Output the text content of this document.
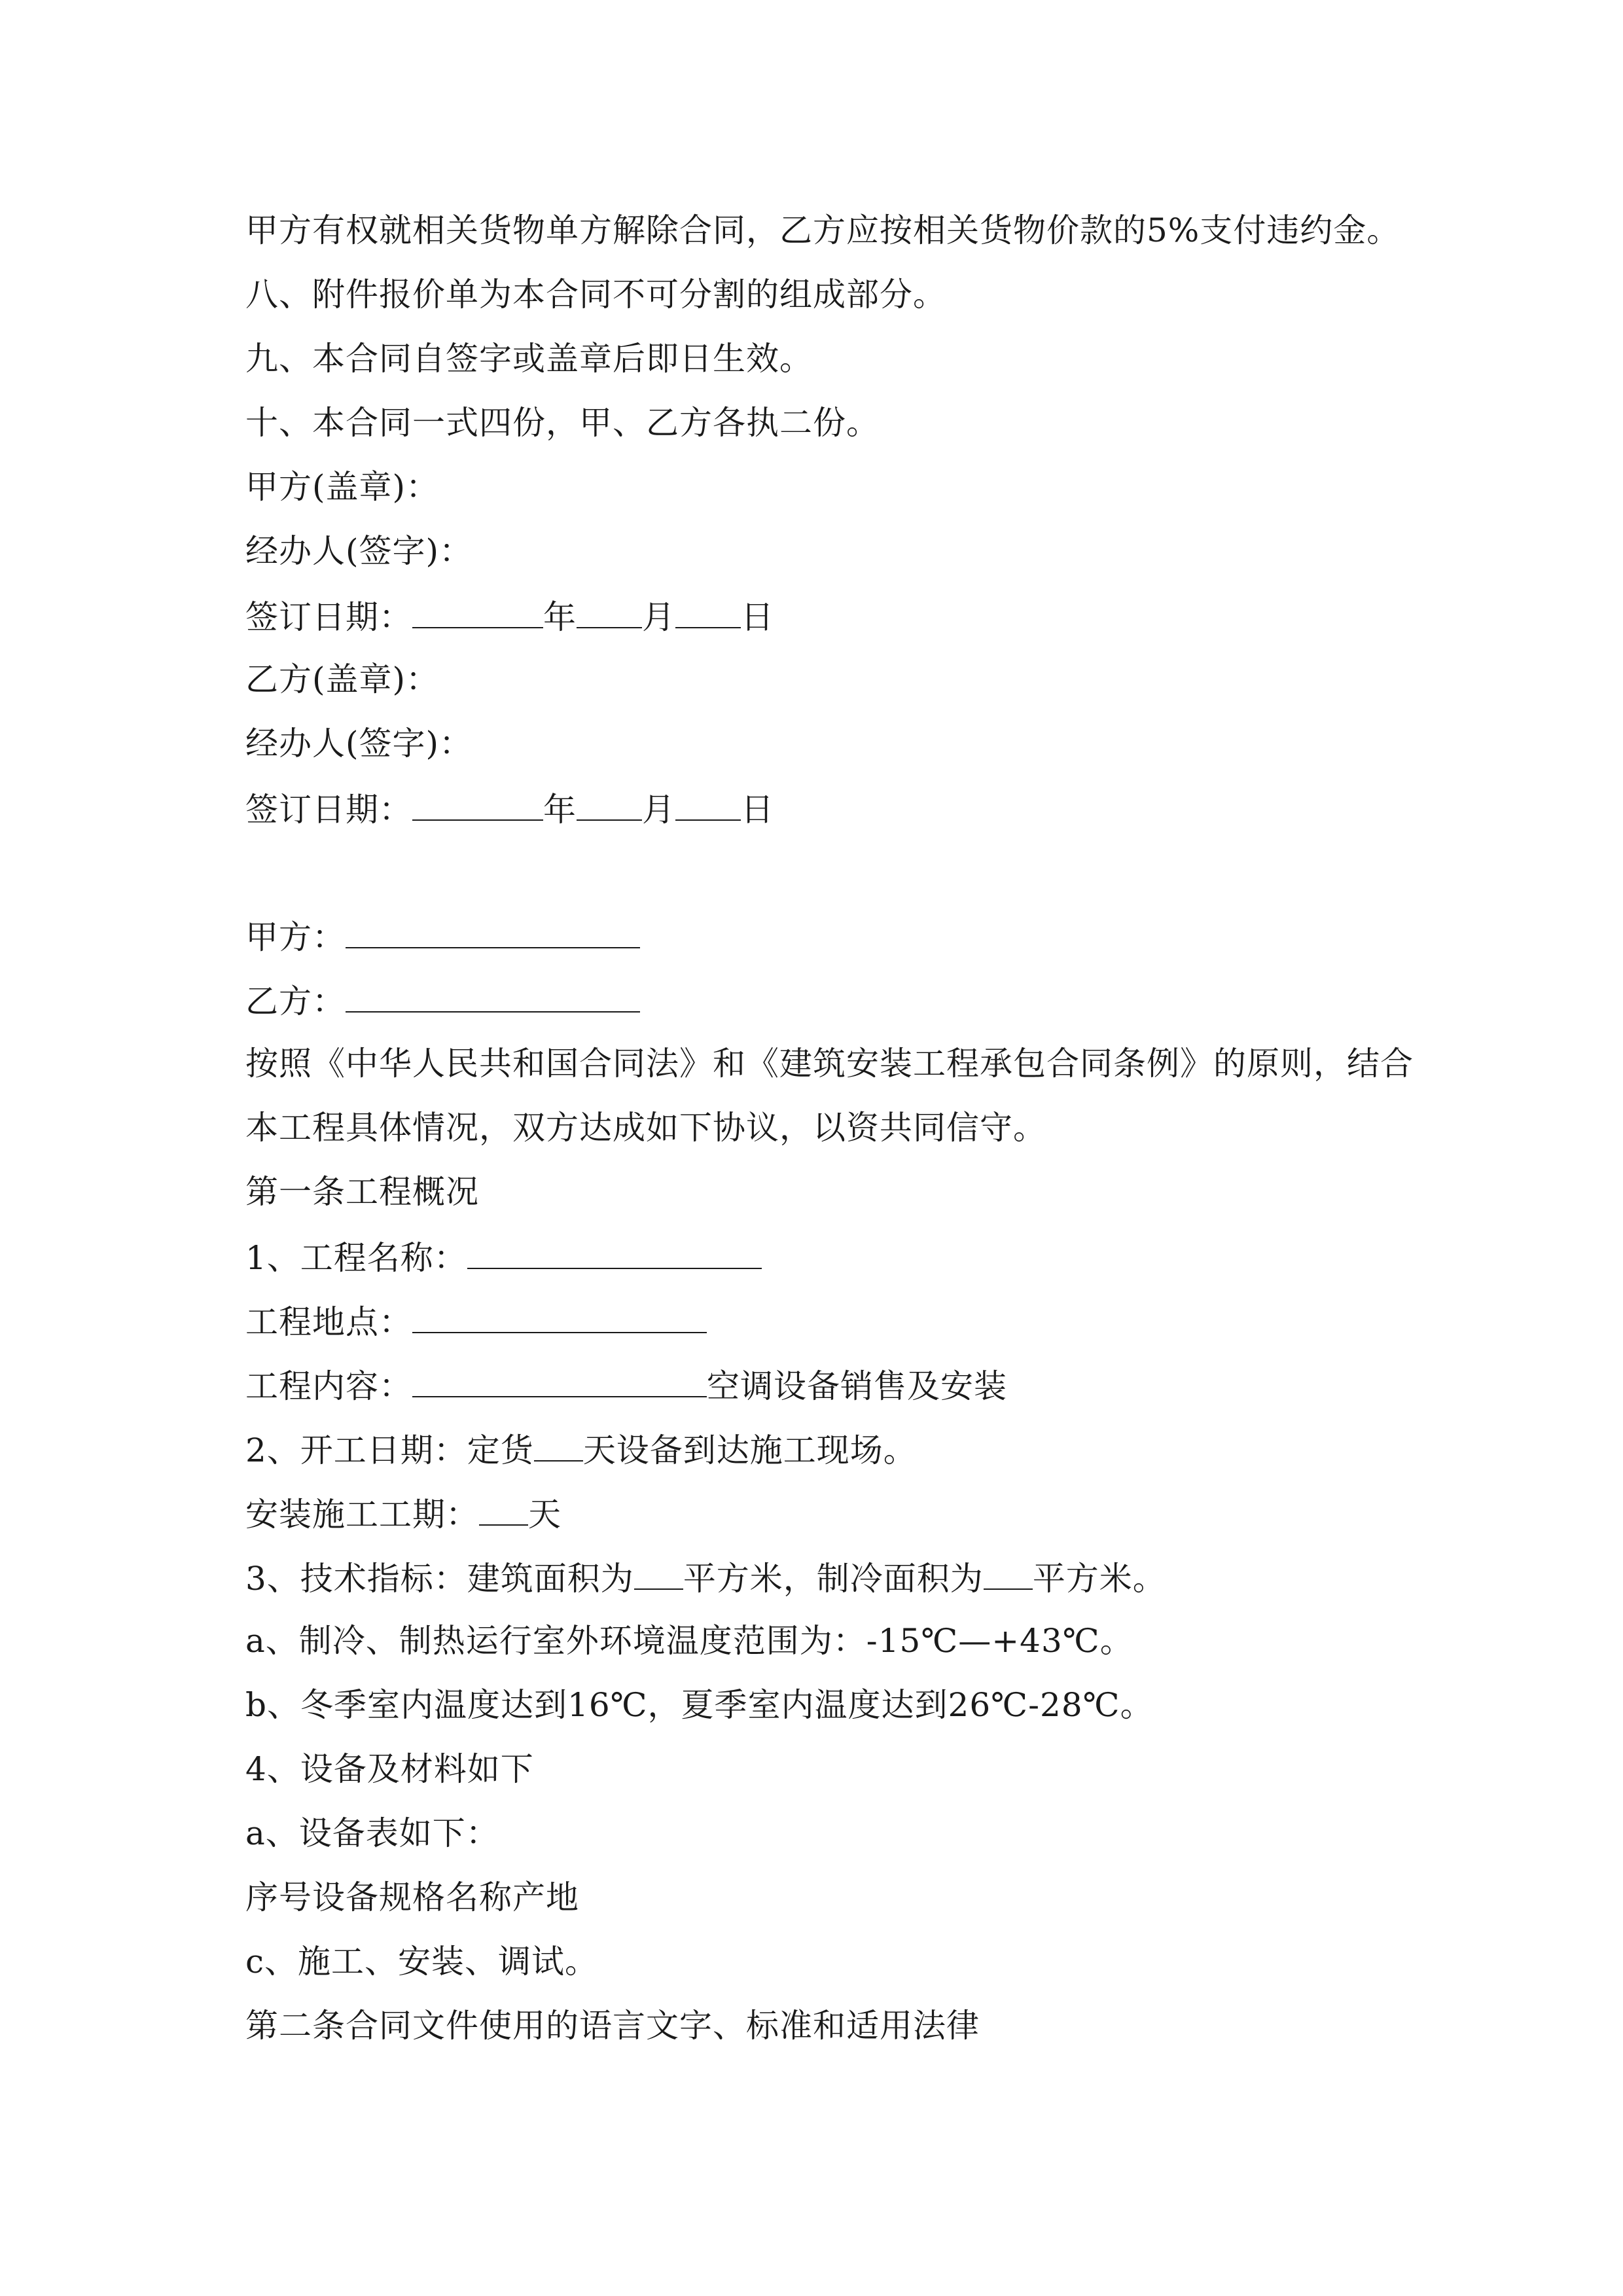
甲方有权就相关货物单方解除合同，乙方应按相关货物价款的5%支付违约金。
八、附件报价单为本合同不可分割的组成部分。
九、本合同自签字或盖章后即日生效。
十、本合同一式四份，甲、乙方各执二份。
甲方(盖章)：
经办人(签字)：
签订日期：	年 月 日
乙方(盖章)：
经办人(签字)：
签订日期：	年 月 日
甲方：
乙方：
按照《中华人民共和国合同法》和《建筑安装工程承包合同条例》的原则，结合
本工程具体情况，双方达成如下协议，以资共同信守。
第一条工程概况
1、工程名称：
工程地点：
工程内容：	空调设备销售及安装
2、开工日期：定货 天设备到达施工现场。
安装施工工期： 天
3、技术指标：建筑面积为 平方米，制冷面积为 平方米。
a、制冷、制热运行室外环境温度范围为：-15℃—+43℃。
b、冬季室内温度达到16℃，夏季室内温度达到26℃-28℃。
4、设备及材料如下
a、设备表如下：
序号设备规格名称产地
c、施工、安装、调试。
第二条合同文件使用的语言文字、标准和适用法律
